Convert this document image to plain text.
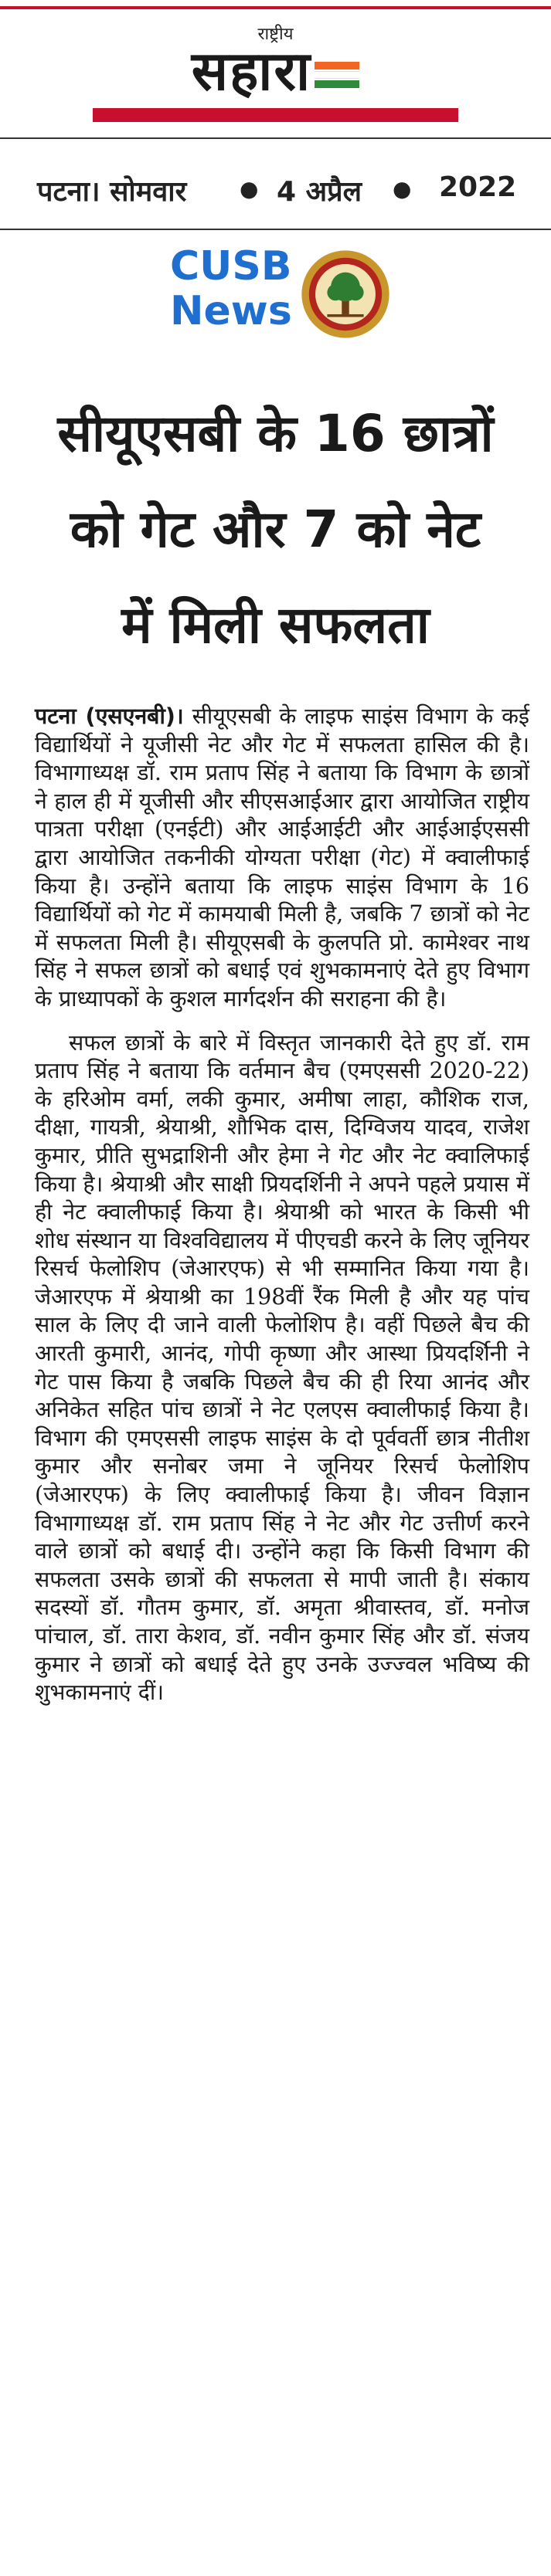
राष्ट्रीय
सहारा
पटना। सोमवार ● 4 अप्रैल ● 2022
CUSB
News
सीयूएसबी के 16 छात्रों
को गेट और 7 को नेट
में मिली सफलता

पटना (एसएनबी)। सीयूएसबी के लाइफ साइंस विभाग के कई विद्यार्थियों ने यूजीसी नेट और गेट में सफलता हासिल की है। विभागाध्यक्ष डॉ. राम प्रताप सिंह ने बताया कि विभाग के छात्रों ने हाल ही में यूजीसी और सीएसआईआर द्वारा आयोजित राष्ट्रीय पात्रता परीक्षा (एनईटी) और आईआईटी और आईआईएससी द्वारा आयोजित तकनीकी योग्यता परीक्षा (गेट) में क्वालीफाई किया है। उन्होंने बताया कि लाइफ साइंस विभाग के 16 विद्यार्थियों को गेट में कामयाबी मिली है, जबकि 7 छात्रों को नेट में सफलता मिली है। सीयूएसबी के कुलपति प्रो. कामेश्वर नाथ सिंह ने सफल छात्रों को बधाई एवं शुभकामनाएं देते हुए विभाग के प्राध्यापकों के कुशल मार्गदर्शन की सराहना की है।

सफल छात्रों के बारे में विस्तृत जानकारी देते हुए डॉ. राम प्रताप सिंह ने बताया कि वर्तमान बैच (एमएससी 2020-22) के हरिओम वर्मा, लकी कुमार, अमीषा लाहा, कौशिक राज, दीक्षा, गायत्री, श्रेयाश्री, शौभिक दास, दिग्विजय यादव, राजेश कुमार, प्रीति सुभद्राशिनी और हेमा ने गेट और नेट क्वालिफाई किया है। श्रेयाश्री और साक्षी प्रियदर्शिनी ने अपने पहले प्रयास में ही नेट क्वालीफाई किया है। श्रेयाश्री को भारत के किसी भी शोध संस्थान या विश्वविद्यालय में पीएचडी करने के लिए जूनियर रिसर्च फेलोशिप (जेआरएफ) से भी सम्मानित किया गया है। जेआरएफ में श्रेयाश्री का 198वीं रैंक मिली है और यह पांच साल के लिए दी जाने वाली फेलोशिप है। वहीं पिछले बैच की आरती कुमारी, आनंद, गोपी कृष्णा और आस्था प्रियदर्शिनी ने गेट पास किया है जबकि पिछले बैच की ही रिया आनंद और अनिकेत सहित पांच छात्रों ने नेट एलएस क्वालीफाई किया है। विभाग की एमएससी लाइफ साइंस के दो पूर्ववर्ती छात्र नीतीश कुमार और सनोबर जमा ने जूनियर रिसर्च फेलोशिप (जेआरएफ) के लिए क्वालीफाई किया है। जीवन विज्ञान विभागाध्यक्ष डॉ. राम प्रताप सिंह ने नेट और गेट उत्तीर्ण करने वाले छात्रों को बधाई दी। उन्होंने कहा कि किसी विभाग की सफलता उसके छात्रों की सफलता से मापी जाती है। संकाय सदस्यों डॉ. गौतम कुमार, डॉ. अमृता श्रीवास्तव, डॉ. मनोज पांचाल, डॉ. तारा केशव, डॉ. नवीन कुमार सिंह और डॉ. संजय कुमार ने छात्रों को बधाई देते हुए उनके उज्ज्वल भविष्य की शुभकामनाएं दीं।
